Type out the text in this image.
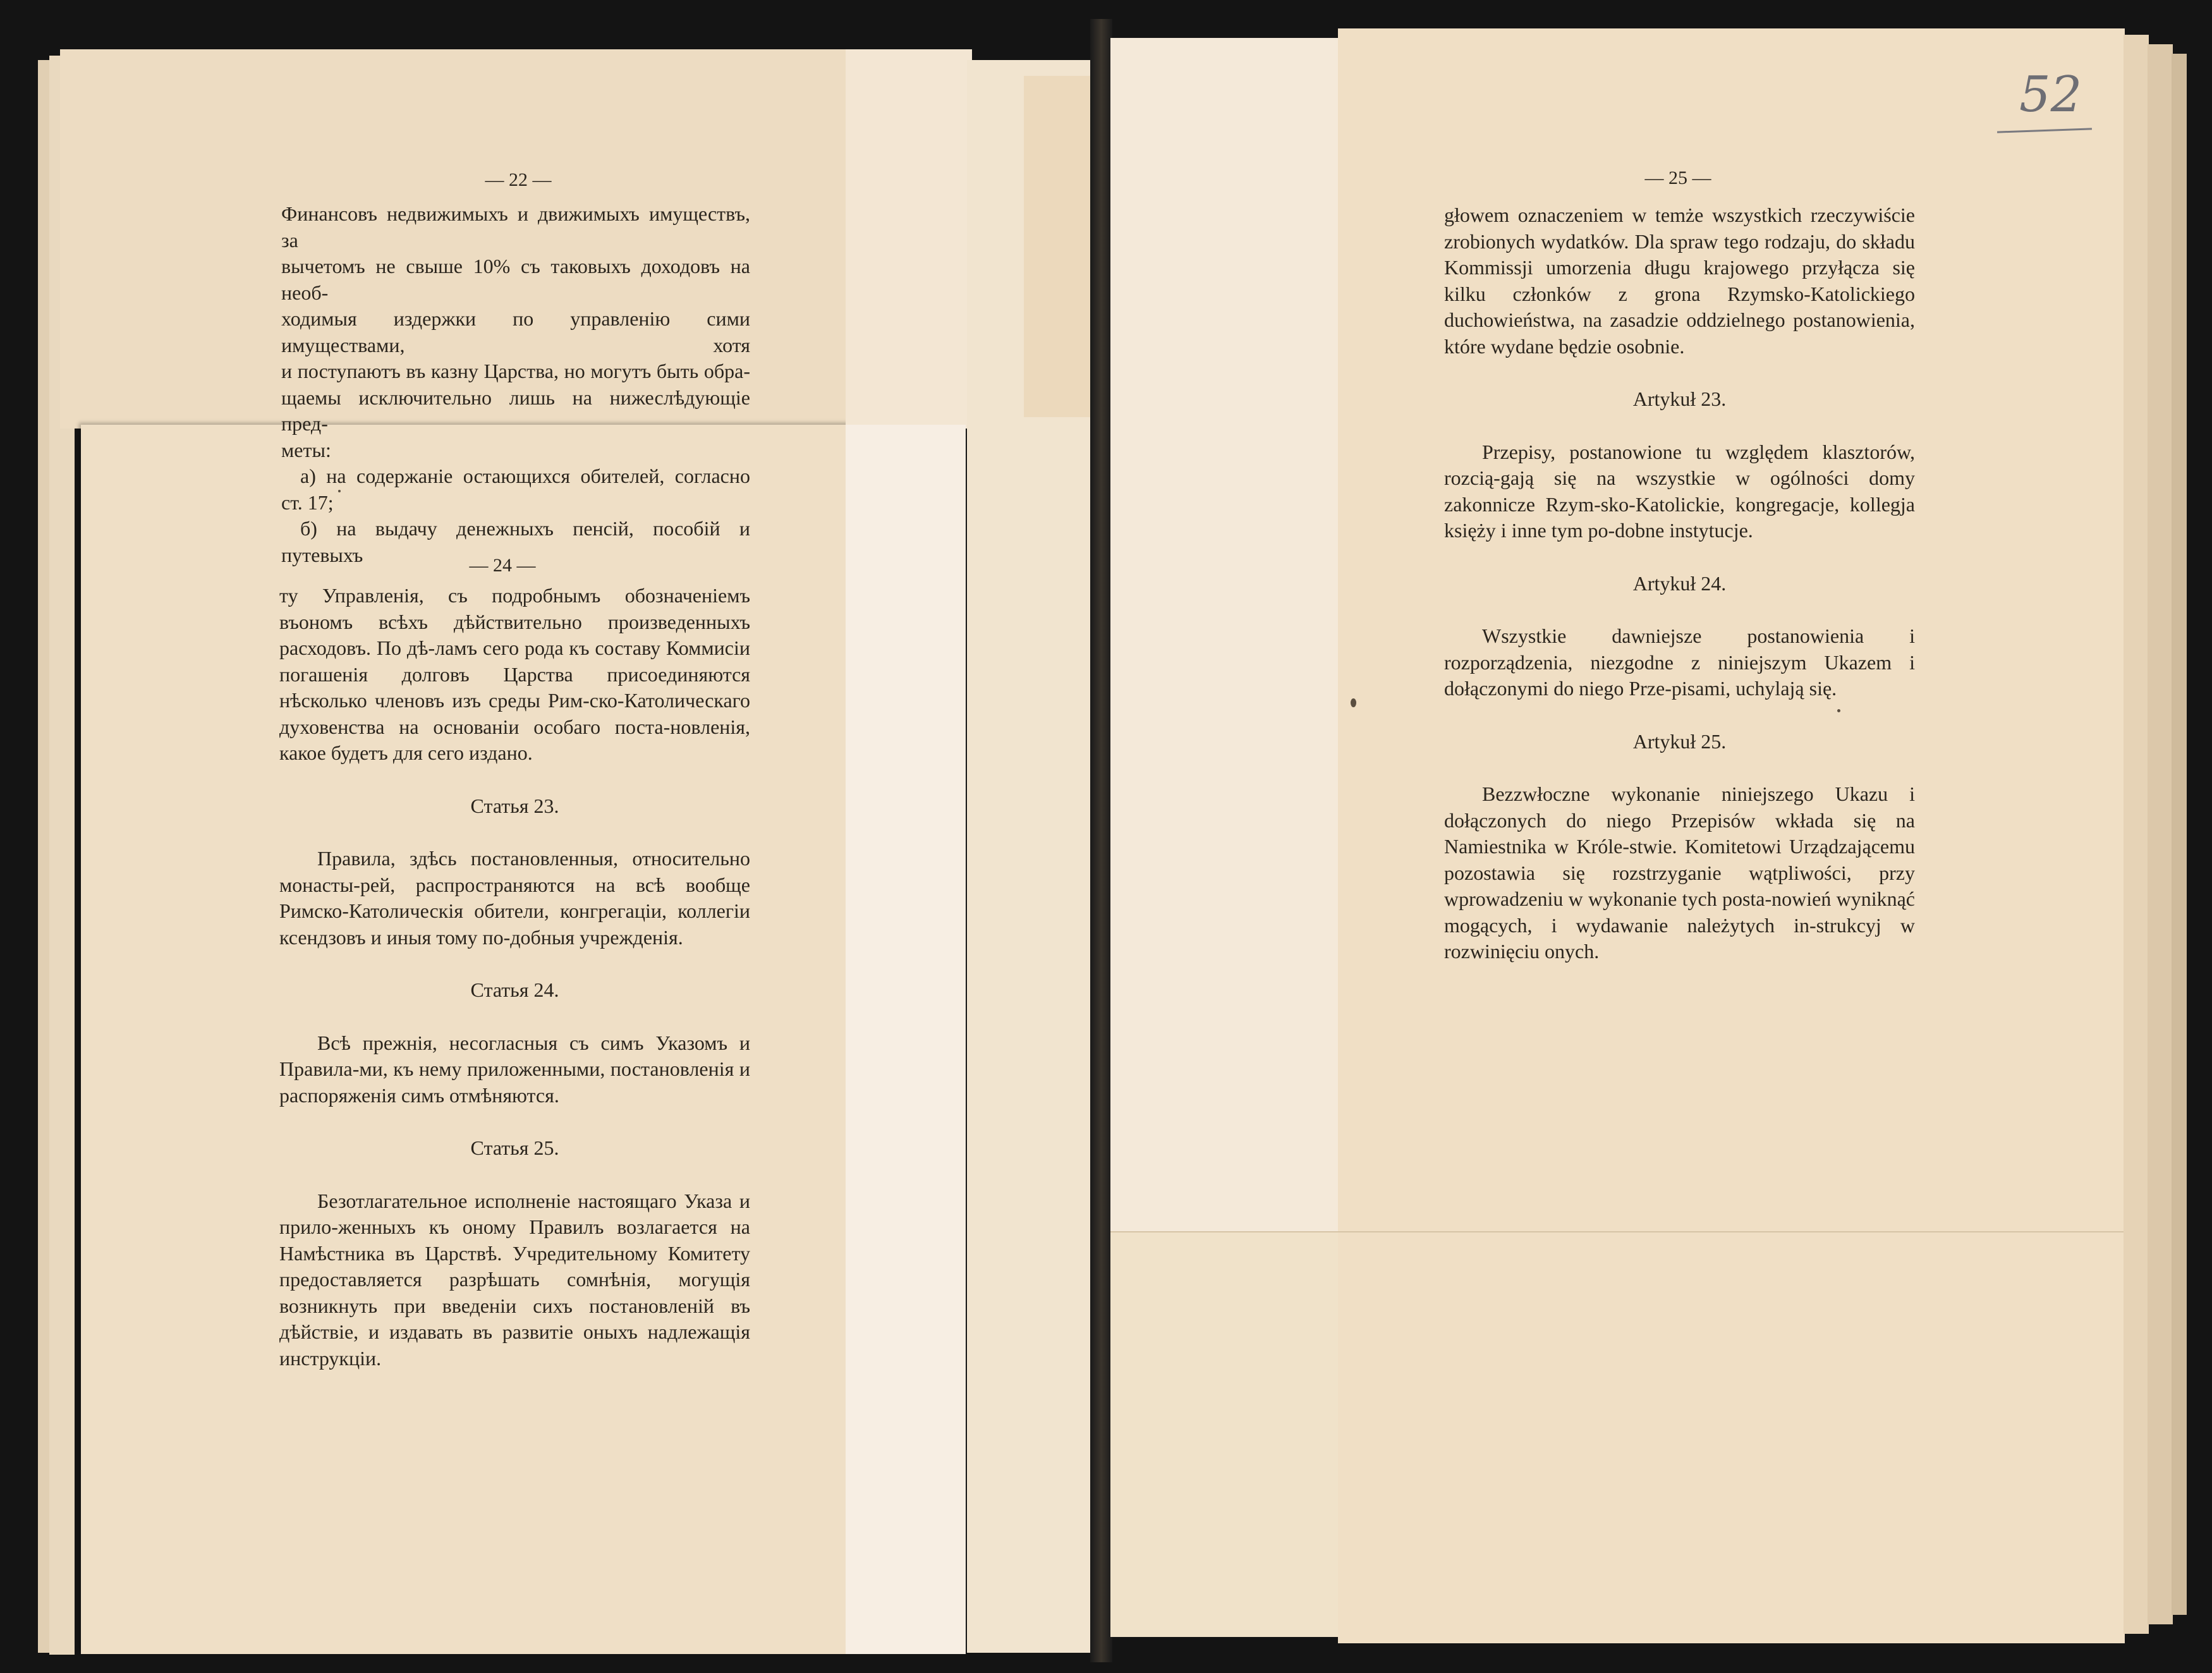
52
— 22 —

Финансовъ недвижимыхъ и движимыхъ имуществъ, за

вычетомъ не свыше 10% съ таковыхъ доходовъ на необ-

ходимыя издержки по управленiю сими имуществами, хотя

и поступаютъ въ казну Царства, но могутъ быть обра-

щаемы исключительно лишь на нижеслѣдующiе пред-

меты:

а) на содержанiе остающихся обителей, согласно

ст. 17;

б) на выдачу денежныхъ пенсiй, пособiй и путевыхъ	— 24 —

ту Управленiя, съ подробнымъ обозначенiемъ въономъ всѣхъ дѣйствительно произведенныхъ расходовъ. По дѣ-ламъ сего рода къ составу Коммисiи погашенiя долговъ Царства присоединяются нѣсколько членовъ изъ среды Рим-ско-Католическаго духовенства на основанiи особаго поста-новленiя, какое будетъ для сего издано.

Статья 23.

Правила, здѣсь постановленныя, относительно монасты-рей, распространяются на всѣ вообще Римско-Католическiя обители, конгрегацiи, коллегiи ксендзовъ и иныя тому по-добныя учрежденiя.

Статья 24.

Всѣ прежнiя, несогласныя съ симъ Указомъ и Правила-ми, къ нему приложенными, постановленiя и распоряженiя симъ отмѣняются.

Статья 25.

Безотлагательное исполненiе настоящаго Указа и прило-женныхъ къ оному Правилъ возлагается на Намѣстника въ Царствѣ. Учредительному Комитету предоставляется разрѣшать сомнѣнiя, могущiя возникнуть при введенiи сихъ постановленiй въ дѣйствiе, и издавать въ развитiе оныхъ надлежащiя инструкцiи.

— 25 —

głowem oznaczeniem w temże wszystkich rzeczywiście zrobionych wydatków. Dla spraw tego rodzaju, do składu Kommissji umorzenia długu krajowego przyłącza się kilku członków z grona Rzymsko-Katolickiego duchowieństwa, na zasadzie oddzielnego postanowienia, które wydane będzie osobnie.

Artykuł 23.

Przepisy, postanowione tu względem klasztorów, rozcią-gają się na wszystkie w ogólności domy zakonnicze Rzym-sko-Katolickie, kongregacje, kollegja księży i inne tym po-dobne instytucje.

Artykuł 24.

Wszystkie dawniejsze postanowienia i rozporządzenia, niezgodne z niniejszym Ukazem i dołączonymi do niego Prze-pisami, uchylają się.

Artykuł 25.

Bezzwłoczne wykonanie niniejszego Ukazu i dołączonych do niego Przepisów wkłada się na Namiestnika w Króle-stwie. Komitetowi Urządzającemu pozostawia się rozstrzyganie wątpliwości, przy wprowadzeniu w wykonanie tych posta-nowień wyniknąć mogących, i wydawanie należytych in-strukcyj w rozwinięciu onych.
